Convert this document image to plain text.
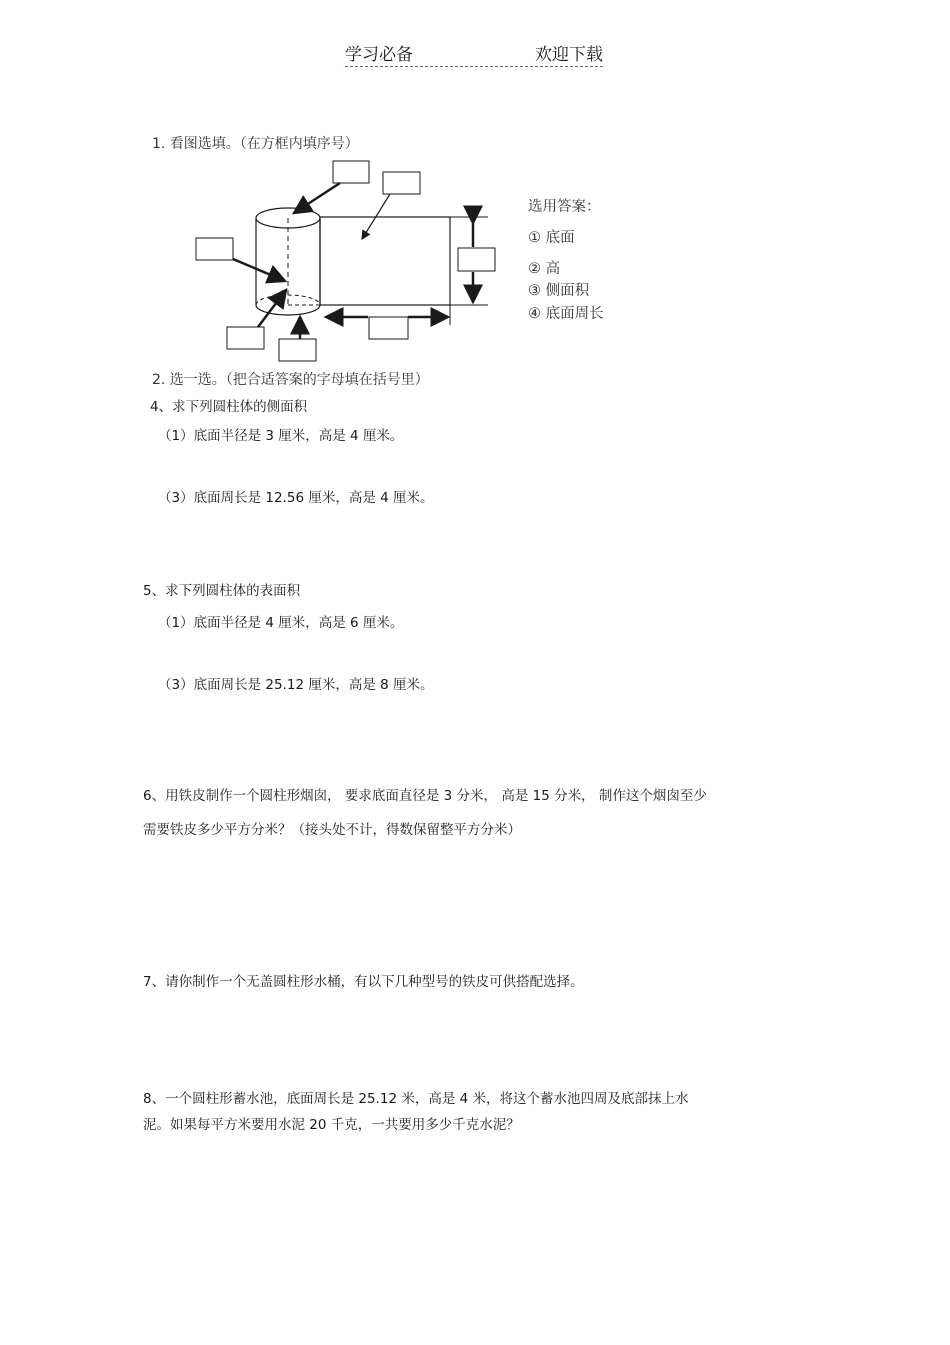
学习必备	欢迎下载
1. 看图选填。（在方框内填序号）
选用答案：
① 底面
② 高
③ 侧面积
④ 底面周长
2. 选一选。（把合适答案的字母填在括号里）
4、求下列圆柱体的侧面积
（1）底面半径是 3 厘米，高是 4 厘米。
（3）底面周长是 12.56 厘米，高是 4 厘米。
5、求下列圆柱体的表面积
（1）底面半径是 4 厘米，高是 6 厘米。
（3）底面周长是 25.12 厘米，高是 8 厘米。
6、用铁皮制作一个圆柱形烟囱， 要求底面直径是 3 分米， 高是 15 分米， 制作这个烟囱至少
需要铁皮多少平方分米？（接头处不计，得数保留整平方分米）
7、请你制作一个无盖圆柱形水桶，有以下几种型号的铁皮可供搭配选择。
8、一个圆柱形蓄水池，底面周长是 25.12 米，高是 4 米，将这个蓄水池四周及底部抹上水
泥。如果每平方米要用水泥 20 千克，一共要用多少千克水泥？
